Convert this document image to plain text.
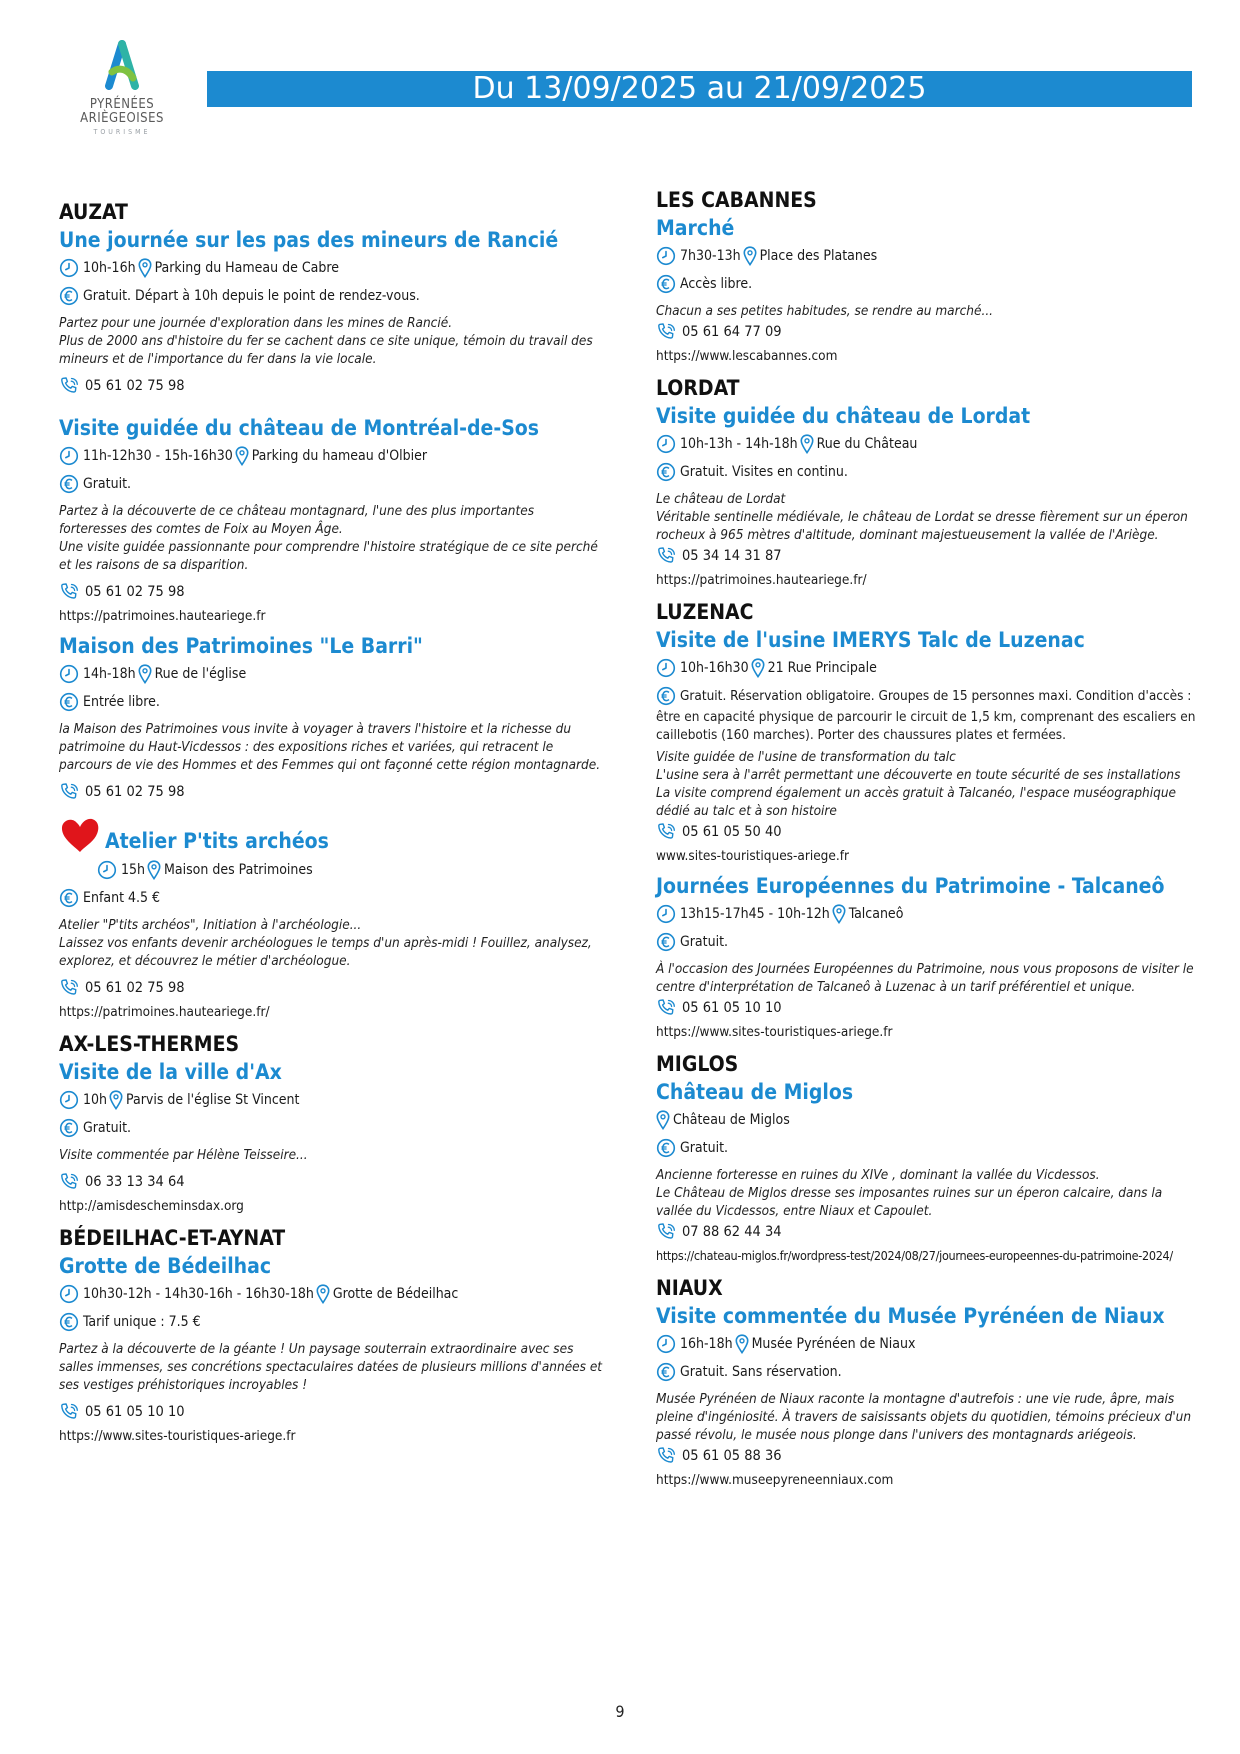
PYRÉNÉES
ARIÈGEOISES
TOURISME
Du 13/09/2025 au 21/09/2025
AUZAT
Une journée sur les pas des mineurs de Rancié
10h-16h Parking du Hameau de Cabre
Gratuit. Départ à 10h depuis le point de rendez-vous.
Partez pour une journée d'exploration dans les mines de Rancié.
Plus de 2000 ans d'histoire du fer se cachent dans ce site unique, témoin du travail des mineurs et de l'importance du fer dans la vie locale.
05 61 02 75 98
Visite guidée du château de Montréal-de-Sos
11h-12h30 - 15h-16h30 Parking du hameau d'Olbier
Gratuit.
Partez à la découverte de ce château montagnard, l'une des plus importantes forteresses des comtes de Foix au Moyen Âge.
Une visite guidée passionnante pour comprendre l'histoire stratégique de ce site perché et les raisons de sa disparition.
05 61 02 75 98
https://patrimoines.hauteariege.fr
Maison des Patrimoines "Le Barri"
14h-18h Rue de l'église
Entrée libre.
la Maison des Patrimoines vous invite à voyager à travers l'histoire et la richesse du patrimoine du Haut-Vicdessos : des expositions riches et variées, qui retracent le parcours de vie des Hommes et des Femmes qui ont façonné cette région montagnarde.
05 61 02 75 98
Atelier P'tits archéos
15h Maison des Patrimoines
Enfant 4.5 €
Atelier "P'tits archéos", Initiation à l'archéologie...
Laissez vos enfants devenir archéologues le temps d'un après-midi ! Fouillez, analysez, explorez, et découvrez le métier d'archéologue.
05 61 02 75 98
https://patrimoines.hauteariege.fr/
AX-LES-THERMES
Visite de la ville d'Ax
10h Parvis de l'église St Vincent
Gratuit.
Visite commentée par Hélène Teisseire...
06 33 13 34 64
http://amisdescheminsdax.org
BÉDEILHAC-ET-AYNAT
Grotte de Bédeilhac
10h30-12h - 14h30-16h - 16h30-18h Grotte de Bédeilhac
Tarif unique : 7.5 €
Partez à la découverte de la géante ! Un paysage souterrain extraordinaire avec ses salles immenses, ses concrétions spectaculaires datées de plusieurs millions d'années et ses vestiges préhistoriques incroyables !
05 61 05 10 10
https://www.sites-touristiques-ariege.fr
LES CABANNES
Marché
7h30-13h Place des Platanes
Accès libre.
Chacun a ses petites habitudes, se rendre au marché...
05 61 64 77 09
https://www.lescabannes.com
LORDAT
Visite guidée du château de Lordat
10h-13h - 14h-18h Rue du Château
Gratuit. Visites en continu.
Le château de Lordat
Véritable sentinelle médiévale, le château de Lordat se dresse fièrement sur un éperon rocheux à 965 mètres d'altitude, dominant majestueusement la vallée de l'Ariège.
05 34 14 31 87
https://patrimoines.hauteariege.fr/
LUZENAC
Visite de l'usine IMERYS Talc de Luzenac
10h-16h30 21 Rue Principale
Gratuit. Réservation obligatoire. Groupes de 15 personnes maxi. Condition d'accès :
être en capacité physique de parcourir le circuit de 1,5 km, comprenant des escaliers en caillebotis (160 marches). Porter des chaussures plates et fermées.
Visite guidée de l'usine de transformation du talc
L'usine sera à l'arrêt permettant une découverte en toute sécurité de ses installations
La visite comprend également un accès gratuit à Talcanéo, l'espace muséographique dédié au talc et à son histoire
05 61 05 50 40
www.sites-touristiques-ariege.fr
Journées Européennes du Patrimoine - Talcaneô
13h15-17h45 - 10h-12h Talcaneô
Gratuit.
À l'occasion des Journées Européennes du Patrimoine, nous vous proposons de visiter le centre d'interprétation de Talcaneô à Luzenac à un tarif préférentiel et unique.
05 61 05 10 10
https://www.sites-touristiques-ariege.fr
MIGLOS
Château de Miglos
Château de Miglos
Gratuit.
Ancienne forteresse en ruines du XIVe , dominant la vallée du Vicdessos.
Le Château de Miglos dresse ses imposantes ruines sur un éperon calcaire, dans la vallée du Vicdessos, entre Niaux et Capoulet.
07 88 62 44 34
https://chateau-miglos.fr/wordpress-test/2024/08/27/journees-europeennes-du-patrimoine-2024/
NIAUX
Visite commentée du Musée Pyrénéen de Niaux
16h-18h Musée Pyrénéen de Niaux
Gratuit. Sans réservation.
Musée Pyrénéen de Niaux raconte la montagne d'autrefois : une vie rude, âpre, mais pleine d'ingéniosité. À travers de saisissants objets du quotidien, témoins précieux d'un passé révolu, le musée nous plonge dans l'univers des montagnards ariégeois.
05 61 05 88 36
https://www.museepyreneenniaux.com
9
